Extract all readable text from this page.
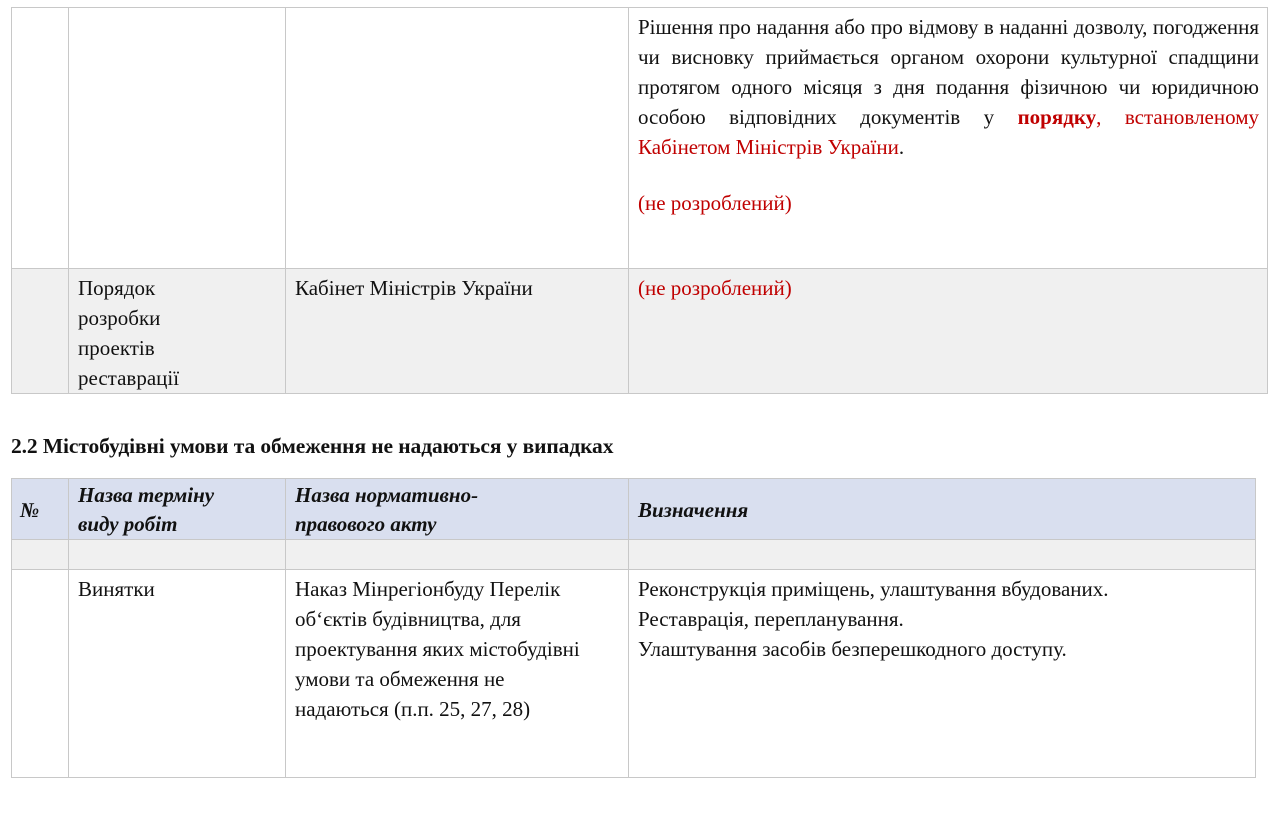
			Рішення про надання або про відмову в наданні дозволу, погодження чи висновку приймається органом охорони культурної спадщини протягом одного місяця з дня подання фізичною чи юридичною особою відповідних документів у порядку, встановленому Кабінетом Міністрів України.
(не розроблений)

	Порядок розробки проектів реставрації	Кабінет Міністрів України	(не розроблений)
2.2 Містобудівні умови та обмеження не надаються у випадках
№	Назва терміну виду робіт	Назва нормативно-правового акту	Визначення

	Винятки	Наказ Мінрегіонбуду Перелік об‘єктів будівництва, для проектування яких містобудівні умови та обмеження не надаються (п.п. 25, 27, 28)	Реконструкція приміщень, улаштування вбудованих.
Реставрація, перепланування.
Улаштування засобів безперешкодного доступу.
